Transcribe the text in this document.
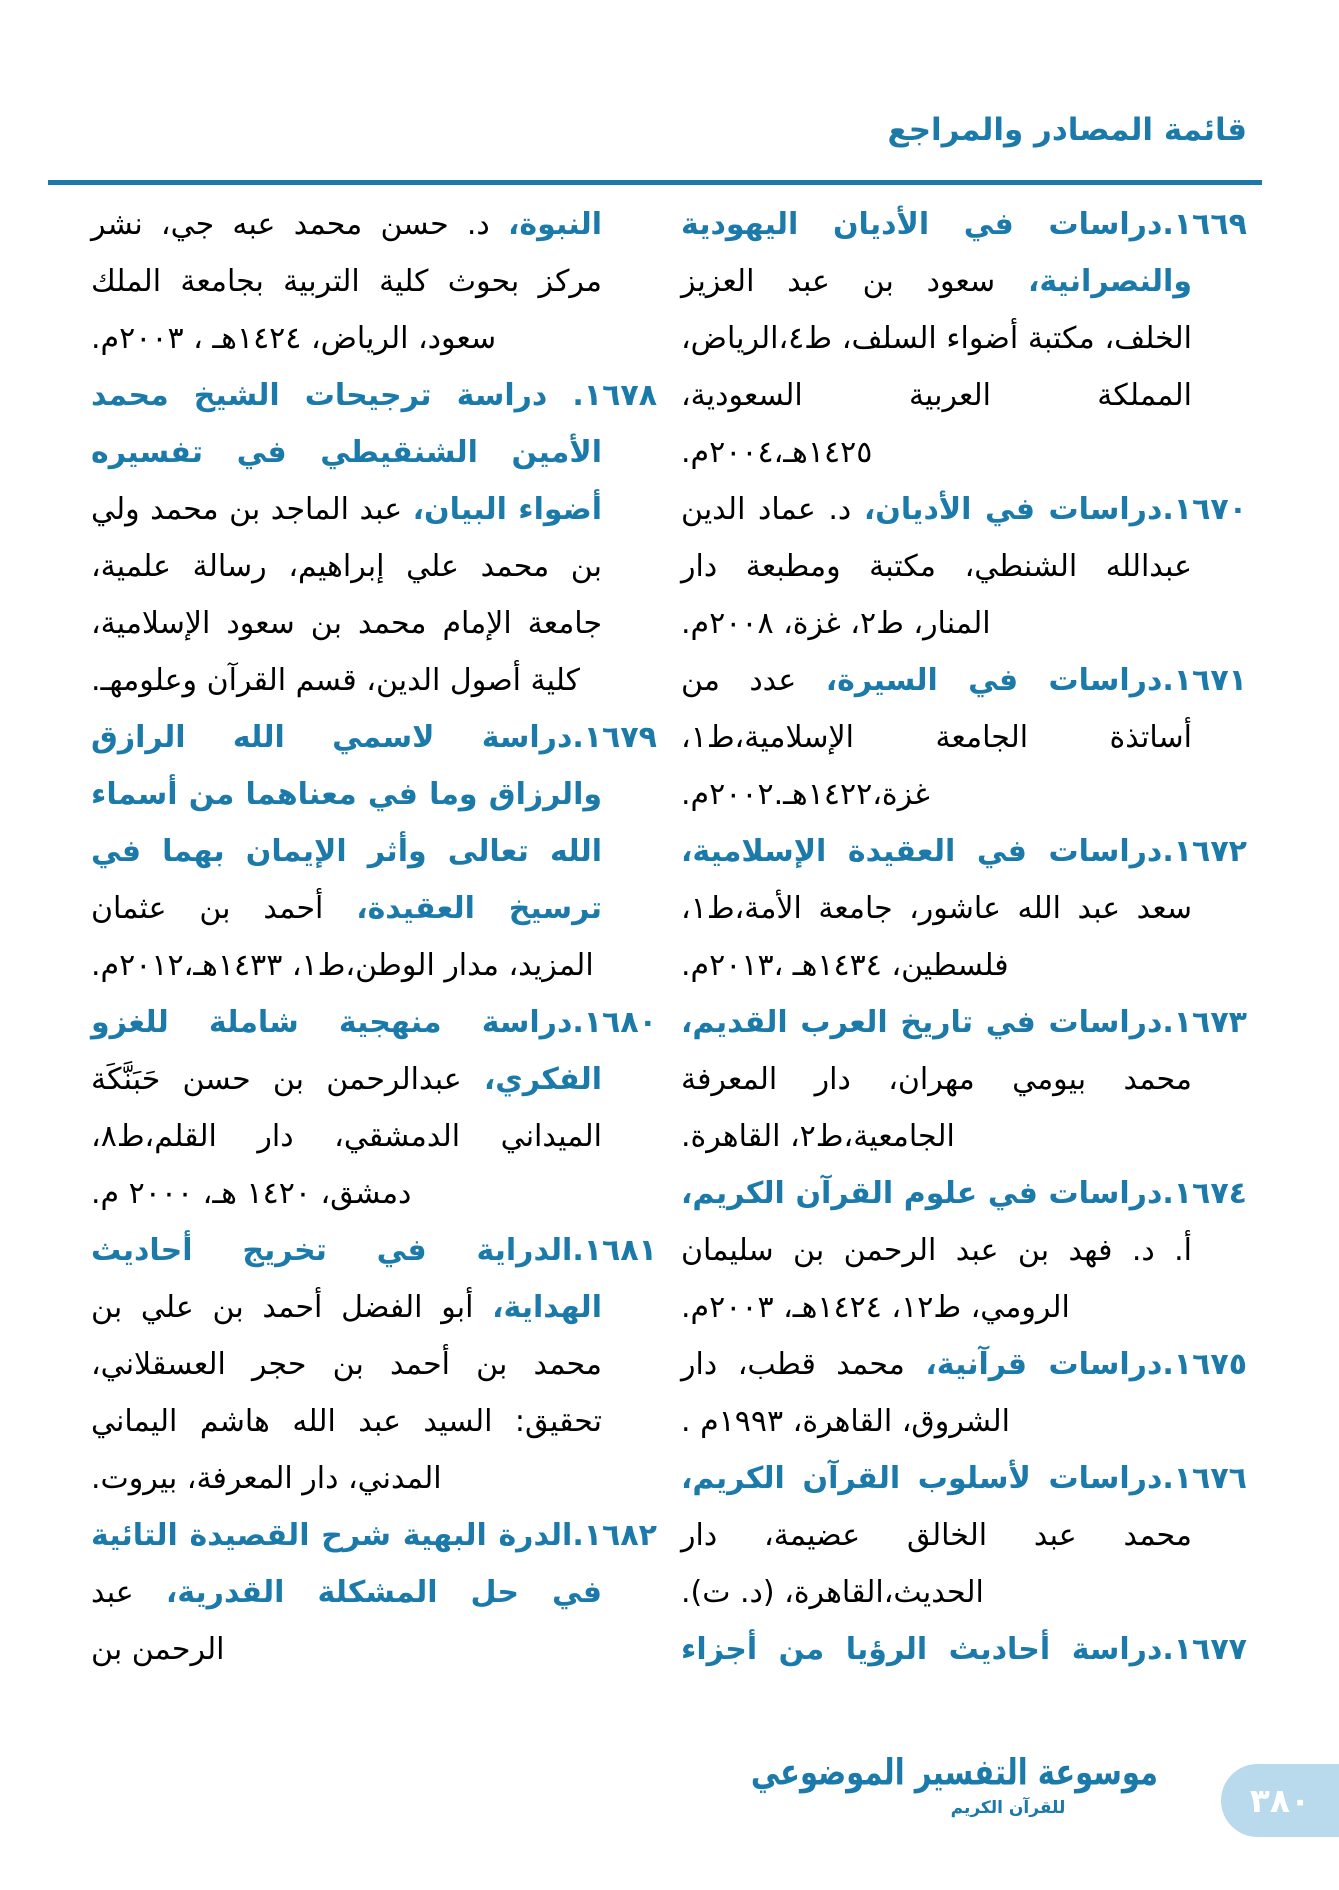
قائمة المصادر والمراجع

١٦٦٩.دراسات في الأديان اليهودية والنصرانية، سعود بن عبد العزيز الخلف، مكتبة أضواء السلف، ط٤،الرياض، المملكة العربية السعودية، ١٤٢٥هـ،٢٠٠٤م.

١٦٧٠.دراسات في الأديان، د. عماد الدين عبدالله الشنطي، مكتبة ومطبعة دار المنار، ط٢، غزة، ٢٠٠٨م.

١٦٧١.دراسات في السيرة، عدد من أساتذة الجامعة الإسلامية،ط١، غزة،١٤٢٢هـ.٢٠٠٢م.

١٦٧٢.دراسات في العقيدة الإسلامية، سعد عبد الله عاشور، جامعة الأمة،ط١، فلسطين، ١٤٣٤هـ ،٢٠١٣م.

١٦٧٣.دراسات في تاريخ العرب القديم، محمد بيومي مهران، دار المعرفة الجامعية،ط٢، القاهرة.

١٦٧٤.دراسات في علوم القرآن الكريم، أ. د. فهد بن عبد الرحمن بن سليمان الرومي، ط١٢، ١٤٢٤هـ، ٢٠٠٣م.

١٦٧٥.دراسات قرآنية، محمد قطب، دار الشروق، القاهرة، ١٩٩٣م .

١٦٧٦.دراسات لأسلوب القرآن الكريم، محمد عبد الخالق عضيمة، دار الحديث،القاهرة، (د. ت).

١٦٧٧.دراسة أحاديث الرؤيا من أجزاء

النبوة، د. حسن محمد عبه جي، نشر مركز بحوث كلية التربية بجامعة الملك سعود، الرياض، ١٤٢٤هـ ، ٢٠٠٣م.

١٦٧٨. دراسة ترجيحات الشيخ محمد الأمين الشنقيطي في تفسيره أضواء البيان، عبد الماجد بن محمد ولي بن محمد علي إبراهيم، رسالة علمية، جامعة الإمام محمد بن سعود الإسلامية، كلية أصول الدين، قسم القرآن وعلومهـ.

١٦٧٩.دراسة لاسمي الله الرازق والرزاق وما في معناهما من أسماء الله تعالى وأثر الإيمان بهما في ترسيخ العقيدة، أحمد بن عثمان المزيد، مدار الوطن،ط١، ١٤٣٣هـ،٢٠١٢م.

١٦٨٠.دراسة منهجية شاملة للغزو الفكري، عبدالرحمن بن حسن حَبَنَّكَة الميداني الدمشقي، دار القلم،ط٨، دمشق، ١٤٢٠ هـ، ٢٠٠٠ م.

١٦٨١.الدراية في تخريج أحاديث الهداية، أبو الفضل أحمد بن علي بن محمد بن أحمد بن حجر العسقلاني، تحقيق: السيد عبد الله هاشم اليماني المدني، دار المعرفة، بيروت.

١٦٨٢.الدرة البهية شرح القصيدة التائية في حل المشكلة القدرية، عبد الرحمن بن

موسوعة التفسير الموضوعي
للقرآن الكريم	٣٨٠
